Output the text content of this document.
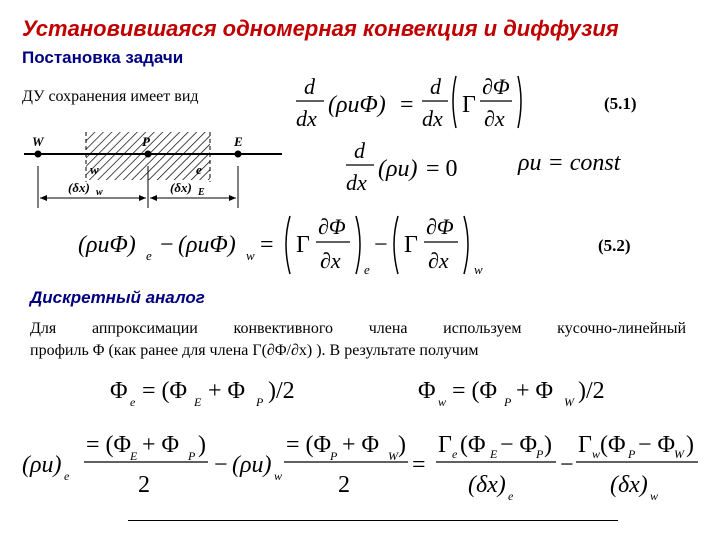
Установившаяся одномерная конвекция и диффузия
Постановка задачи
ДУ сохранения имеет вид	d
dx
(ρuΦ) =
d
dx
Γ
∂Φ
∂x
(5.1)
W	P	E
w	e
(δx) w	(δx) E
d
dx
(ρu) = 0	ρu = const
(ρuΦ) e − (ρuΦ) w = Γ
∂Φ
∂x e
− Γ
∂Φ
∂x w
(5.2)
Дискретный аналог
Для аппроксимации конвективного члена используем кусочно-линейный
профиль Φ (как ранее для члена Γ(∂Φ/∂x) ). В результате получим
Φ e = (Φ E + Φ P )/2	Φ w = (Φ P + Φ W )/2
(ρu) e
= (Φ
E + Φ P )
2
− (ρu) w
= (Φ
P + Φ W )
2
=
Γ e (Φ E − Φ
P )
(δx) e
−
Γ w (Φ P − Φ
W )
(δx) w
